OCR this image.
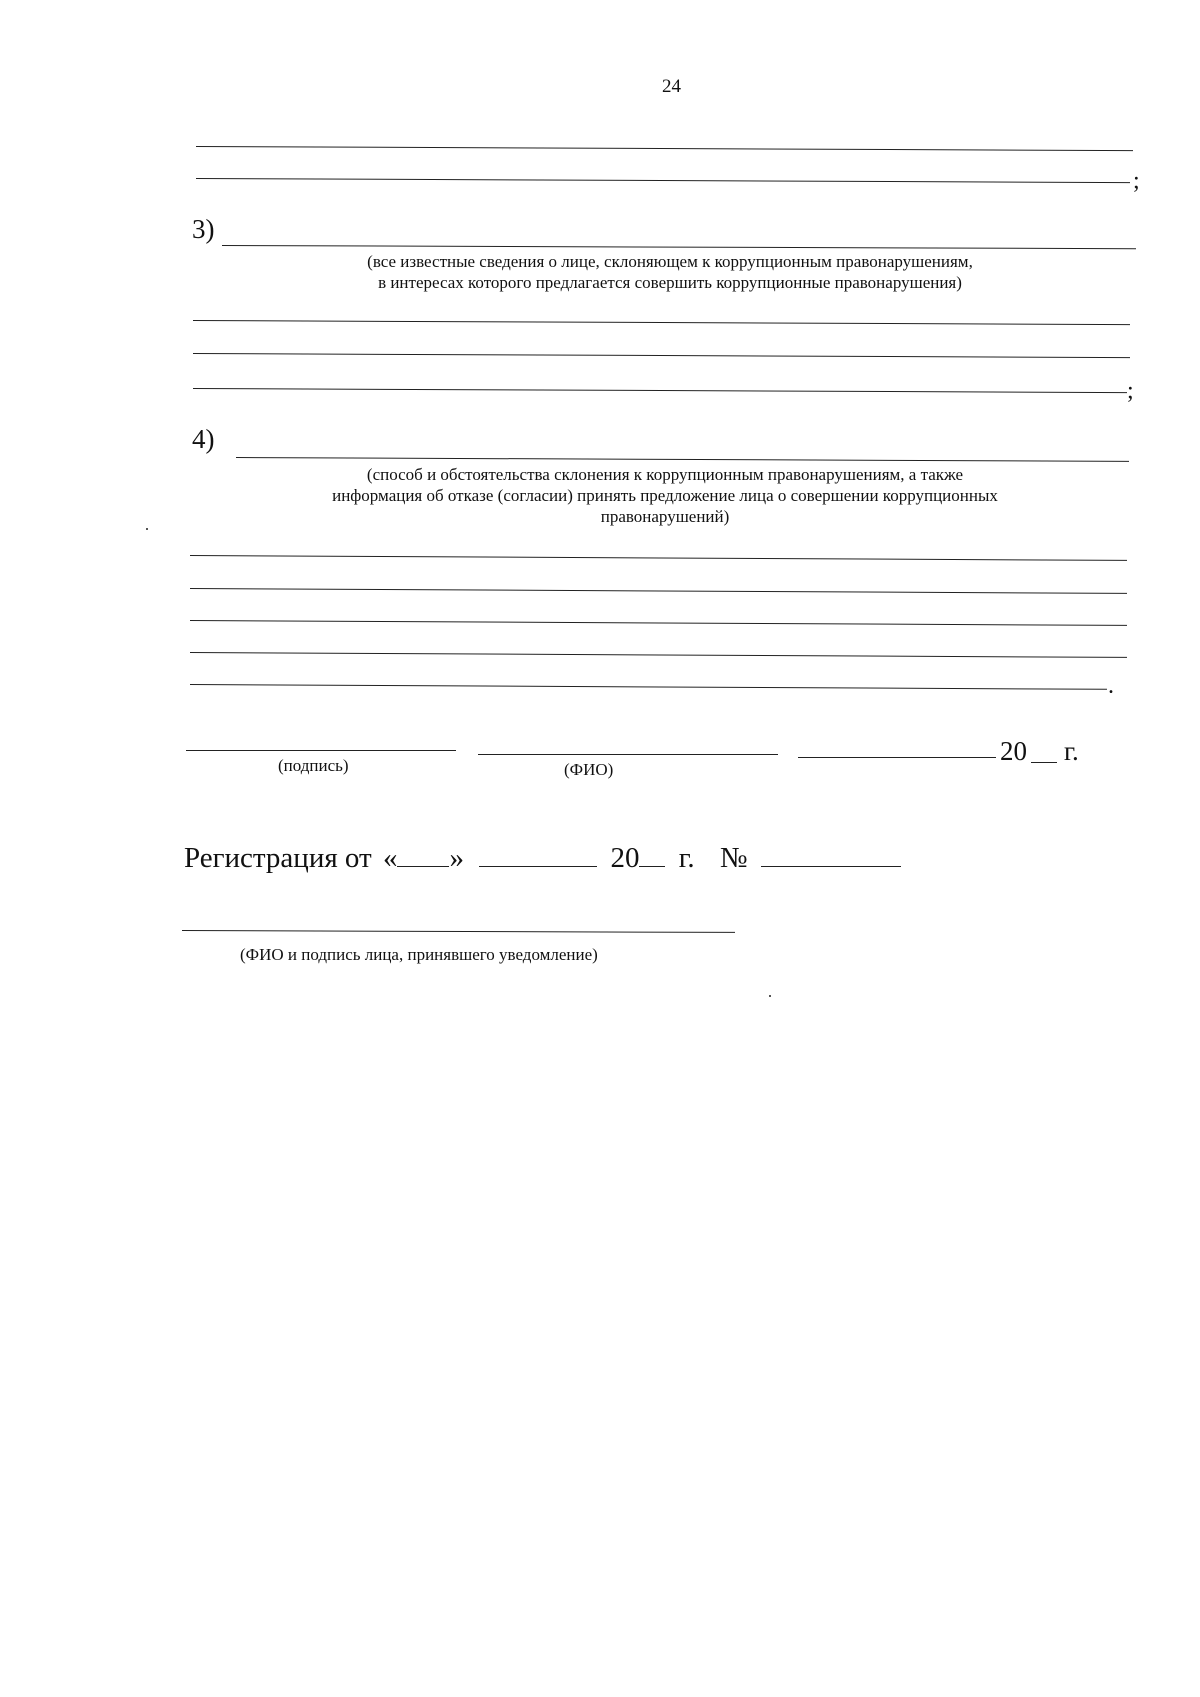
24
;
3)
(все известные сведения о лице, склоняющем к коррупционным правонарушениям,
в интересах которого предлагается совершить коррупционные правонарушения)
;
4)
(способ и обстоятельства склонения к коррупционным правонарушениям, а также
информация об отказе (согласии) принять предложение лица о совершении коррупционных
правонарушений)
.
(подпись)	(ФИО)
20 г.
Регистрация от « »	20 г. №
(ФИО и подпись лица, принявшего уведомление)
